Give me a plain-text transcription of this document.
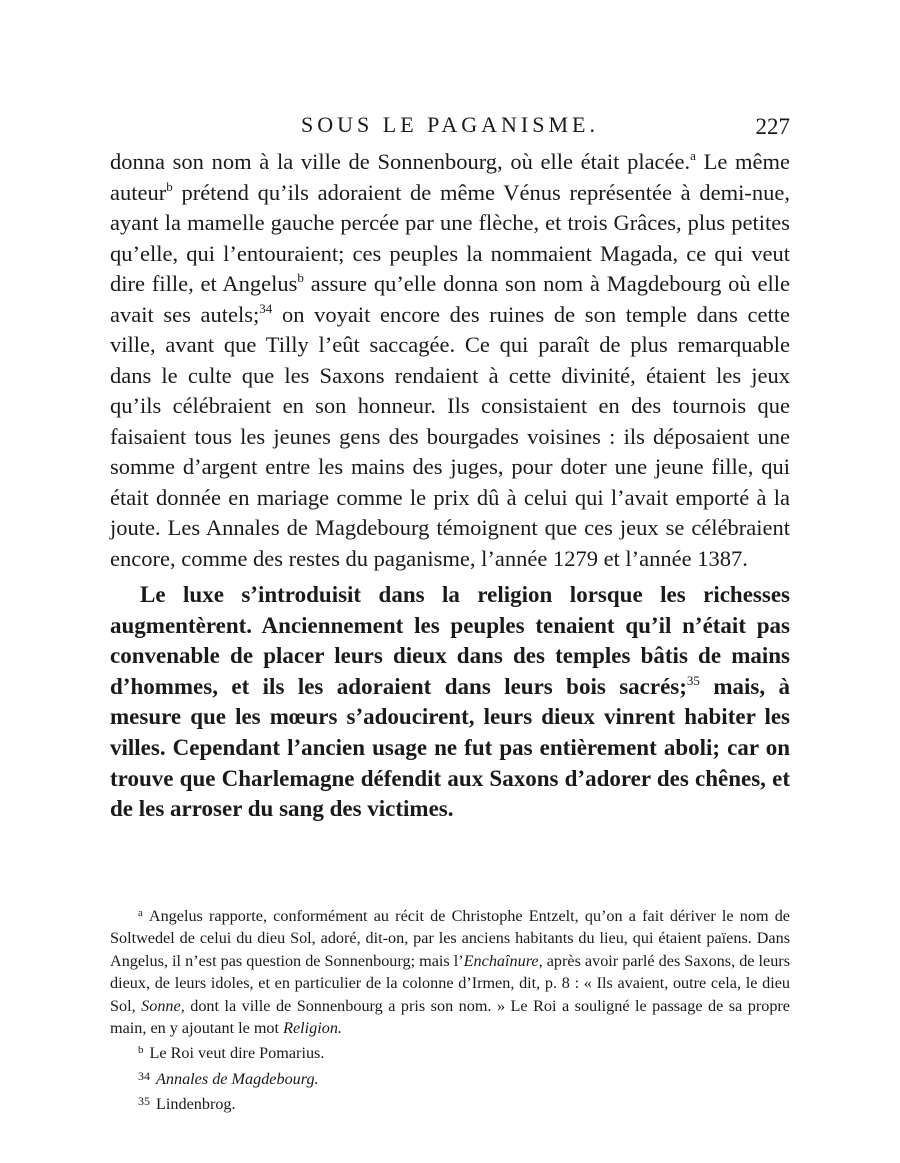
SOUS LE PAGANISME.	227

donna son nom à la ville de Sonnenbourg, où elle était placée.$^a$ Le même auteur$^b$ prétend qu’ils adoraient de même Vénus représentée à demi-nue, ayant la mamelle gauche percée par une flèche, et trois Grâces, plus petites qu’elle, qui l’entouraient; ces peuples la nommaient Magada, ce qui veut dire fille, et Angelus$^b$ assure qu’elle donna son nom à Magdebourg où elle avait ses autels;$^{34}$ on voyait encore des ruines de son temple dans cette ville, avant que Tilly l’eût saccagée. Ce qui paraît de plus remarquable dans le culte que les Saxons rendaient à cette divinité, étaient les jeux qu’ils célébraient en son honneur. Ils consistaient en des tournois que faisaient tous les jeunes gens des bourgades voisines : ils déposaient une somme d’argent entre les mains des juges, pour doter une jeune fille, qui était donnée en mariage comme le prix dû à celui qui l’avait emporté à la joute. Les Annales de Magdebourg témoignent que ces jeux se célébraient encore, comme des restes du paganisme, l’année 1279 et l’année 1387.

Le luxe s’introduisit dans la religion lorsque les richesses augmentèrent. Anciennement les peuples tenaient qu’il n’était pas convenable de placer leurs dieux dans des temples bâtis de mains d’hommes, et ils les adoraient dans leurs bois sacrés;$^{35}$ mais, à mesure que les mœurs s’adoucirent, leurs dieux vinrent habiter les villes. Cependant l’ancien usage ne fut pas entièrement aboli; car on trouve que Charlemagne défendit aux Saxons d’adorer des chênes, et de les arroser du sang des victimes.

$^a$ Angelus rapporte, conformément au récit de Christophe Entzelt, qu’on a fait dériver le nom de Soltwedel de celui du dieu Sol, adoré, dit-on, par les anciens habitants du lieu, qui étaient païens. Dans Angelus, il n’est pas question de Sonnenbourg; mais l’Enchaînure, après avoir parlé des Saxons, de leurs dieux, de leurs idoles, et en particulier de la colonne d’Irmen, dit, p. 8 : « Ils avaient, outre cela, le dieu Sol, Sonne, dont la ville de Sonnenbourg a pris son nom. » Le Roi a souligné le passage de sa propre main, en y ajoutant le mot Religion.

$^b$ Le Roi veut dire Pomarius.

$^{34}$ Annales de Magdebourg.

$^{35}$ Lindenbrog.
